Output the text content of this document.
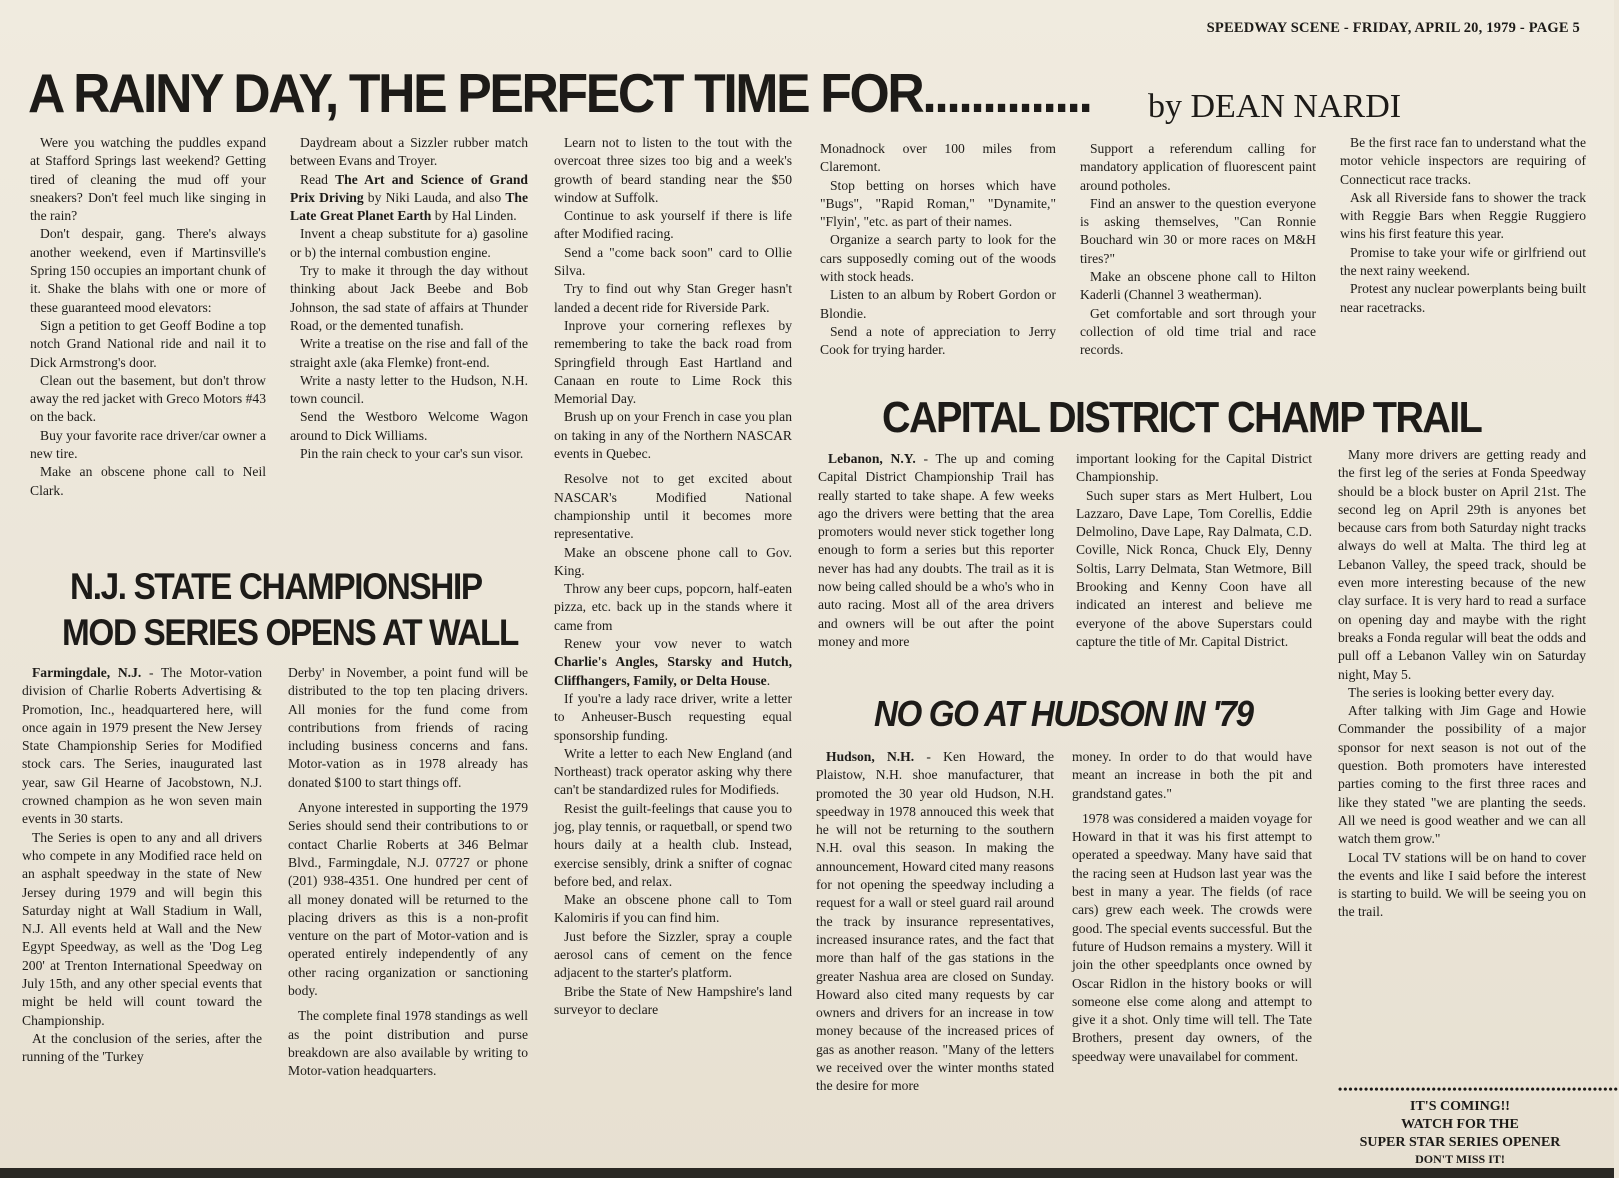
SPEEDWAY SCENE - FRIDAY, APRIL 20, 1979 - PAGE 5
A RAINY DAY, THE PERFECT TIME FOR.............. by DEAN NARDI

Were you watching the puddles expand at Stafford Springs last weekend? Getting tired of cleaning the mud off your sneakers? Don't feel much like singing in the rain?

Don't despair, gang. There's always another weekend, even if Martinsville's Spring 150 occupies an important chunk of it. Shake the blahs with one or more of these guaranteed mood elevators:

Sign a petition to get Geoff Bodine a top notch Grand National ride and nail it to Dick Armstrong's door.

Clean out the basement, but don't throw away the red jacket with Greco Motors #43 on the back.

Buy your favorite race driver/car owner a new tire.

Make an obscene phone call to Neil Clark.

Daydream about a Sizzler rubber match between Evans and Troyer.

Read The Art and Science of Grand Prix Driving by Niki Lauda, and also The Late Great Planet Earth by Hal Linden.

Invent a cheap substitute for a) gasoline or b) the internal combustion engine.

Try to make it through the day without thinking about Jack Beebe and Bob Johnson, the sad state of affairs at Thunder Road, or the demented tunafish.

Write a treatise on the rise and fall of the straight axle (aka Flemke) front-end.

Write a nasty letter to the Hudson, N.H. town council.

Send the Westboro Welcome Wagon around to Dick Williams.

Pin the rain check to your car's sun visor.

Learn not to listen to the tout with the overcoat three sizes too big and a week's growth of beard standing near the $50 window at Suffolk.

Continue to ask yourself if there is life after Modified racing.

Send a "come back soon" card to Ollie Silva.

Try to find out why Stan Greger hasn't landed a decent ride for Riverside Park.

Inprove your cornering reflexes by remembering to take the back road from Springfield through East Hartland and Canaan en route to Lime Rock this Memorial Day.

Brush up on your French in case you plan on taking in any of the Northern NASCAR events in Quebec.

Resolve not to get excited about NASCAR's Modified National championship until it becomes more representative.

Make an obscene phone call to Gov. King.

Throw any beer cups, popcorn, half-eaten pizza, etc. back up in the stands where it came from

Renew your vow never to watch Charlie's Angles, Starsky and Hutch, Cliffhangers, Family, or Delta House.

If you're a lady race driver, write a letter to Anheuser-Busch requesting equal sponsorship funding.

Write a letter to each New England (and Northeast) track operator asking why there can't be standardized rules for Modifieds.

Resist the guilt-feelings that cause you to jog, play tennis, or raquetball, or spend two hours daily at a health club. Instead, exercise sensibly, drink a snifter of cognac before bed, and relax.

Make an obscene phone call to Tom Kalomiris if you can find him.

Just before the Sizzler, spray a couple aerosol cans of cement on the fence adjacent to the starter's platform.

Bribe the State of New Hampshire's land surveyor to declare

Monadnock over 100 miles from Claremont.

Stop betting on horses which have "Bugs", "Rapid Roman," "Dynamite," "Flyin', "etc. as part of their names.

Organize a search party to look for the cars supposedly coming out of the woods with stock heads.

Listen to an album by Robert Gordon or Blondie.

Send a note of appreciation to Jerry Cook for trying harder.

Support a referendum calling for mandatory application of fluorescent paint around potholes.

Find an answer to the question everyone is asking themselves, "Can Ronnie Bouchard win 30 or more races on M&H tires?"

Make an obscene phone call to Hilton Kaderli (Channel 3 weatherman).

Get comfortable and sort through your collection of old time trial and race records.

Be the first race fan to understand what the motor vehicle inspectors are requiring of Connecticut race tracks.

Ask all Riverside fans to shower the track with Reggie Bars when Reggie Ruggiero wins his first feature this year.

Promise to take your wife or girlfriend out the next rainy weekend.

Protest any nuclear powerplants being built near racetracks.

N.J. STATE CHAMPIONSHIP
MOD SERIES OPENS AT WALL

Farmingdale, N.J. - The Motor-vation division of Charlie Roberts Advertising & Promotion, Inc., headquartered here, will once again in 1979 present the New Jersey State Championship Series for Modified stock cars. The Series, inaugurated last year, saw Gil Hearne of Jacobstown, N.J. crowned champion as he won seven main events in 30 starts.

The Series is open to any and all drivers who compete in any Modified race held on an asphalt speedway in the state of New Jersey during 1979 and will begin this Saturday night at Wall Stadium in Wall, N.J. All events held at Wall and the New Egypt Speedway, as well as the 'Dog Leg 200' at Trenton International Speedway on July 15th, and any other special events that might be held will count toward the Championship.

At the conclusion of the series, after the running of the 'Turkey

Derby' in November, a point fund will be distributed to the top ten placing drivers. All monies for the fund come from contributions from friends of racing including business concerns and fans. Motor-vation as in 1978 already has donated $100 to start things off.

Anyone interested in supporting the 1979 Series should send their contributions to or contact Charlie Roberts at 346 Belmar Blvd., Farmingdale, N.J. 07727 or phone (201) 938-4351. One hundred per cent of all money donated will be returned to the placing drivers as this is a non-profit venture on the part of Motor-vation and is operated entirely independently of any other racing organization or sanctioning body.

The complete final 1978 standings as well as the point distribution and purse breakdown are also available by writing to Motor-vation headquarters.

CAPITAL DISTRICT CHAMP TRAIL

Lebanon, N.Y. - The up and coming Capital District Championship Trail has really started to take shape. A few weeks ago the drivers were betting that the area promoters would never stick together long enough to form a series but this reporter never has had any doubts. The trail as it is now being called should be a who's who in auto racing. Most all of the area drivers and owners will be out after the point money and more

important looking for the Capital District Championship.

Such super stars as Mert Hulbert, Lou Lazzaro, Dave Lape, Tom Corellis, Eddie Delmolino, Dave Lape, Ray Dalmata, C.D. Coville, Nick Ronca, Chuck Ely, Denny Soltis, Larry Delmata, Stan Wetmore, Bill Brooking and Kenny Coon have all indicated an interest and believe me everyone of the above Superstars could capture the title of Mr. Capital District.

Many more drivers are getting ready and the first leg of the series at Fonda Speedway should be a block buster on April 21st. The second leg on April 29th is anyones bet because cars from both Saturday night tracks always do well at Malta. The third leg at Lebanon Valley, the speed track, should be even more interesting because of the new clay surface. It is very hard to read a surface on opening day and maybe with the right breaks a Fonda regular will beat the odds and pull off a Lebanon Valley win on Saturday night, May 5.

The series is looking better every day.

After talking with Jim Gage and Howie Commander the possibility of a major sponsor for next season is not out of the question. Both promoters have interested parties coming to the first three races and like they stated "we are planting the seeds. All we need is good weather and we can all watch them grow."

Local TV stations will be on hand to cover the events and like I said before the interest is starting to build. We will be seeing you on the trail.

NO GO AT HUDSON IN '79

Hudson, N.H. - Ken Howard, the Plaistow, N.H. shoe manufacturer, that promoted the 30 year old Hudson, N.H. speedway in 1978 annouced this week that he will not be returning to the southern N.H. oval this season. In making the announcement, Howard cited many reasons for not opening the speedway including a request for a wall or steel guard rail around the track by insurance representatives, increased insurance rates, and the fact that more than half of the gas stations in the greater Nashua area are closed on Sunday. Howard also cited many requests by car owners and drivers for an increase in tow money because of the increased prices of gas as another reason. "Many of the letters we received over the winter months stated the desire for more

money. In order to do that would have meant an increase in both the pit and grandstand gates."

1978 was considered a maiden voyage for Howard in that it was his first attempt to operated a speedway. Many have said that the racing seen at Hudson last year was the best in many a year. The fields (of race cars) grew each week. The crowds were good. The special events successful. But the future of Hudson remains a mystery. Will it join the other speedplants once owned by Oscar Ridlon in the history books or will someone else come along and attempt to give it a shot. Only time will tell. The Tate Brothers, present day owners, of the speedway were unavailabel for comment.

••••••••••••••••••••••••••••••••••••••••••••••••••••••
IT'S COMING!!
WATCH FOR THE
SUPER STAR SERIES OPENER
DON'T MISS IT!
